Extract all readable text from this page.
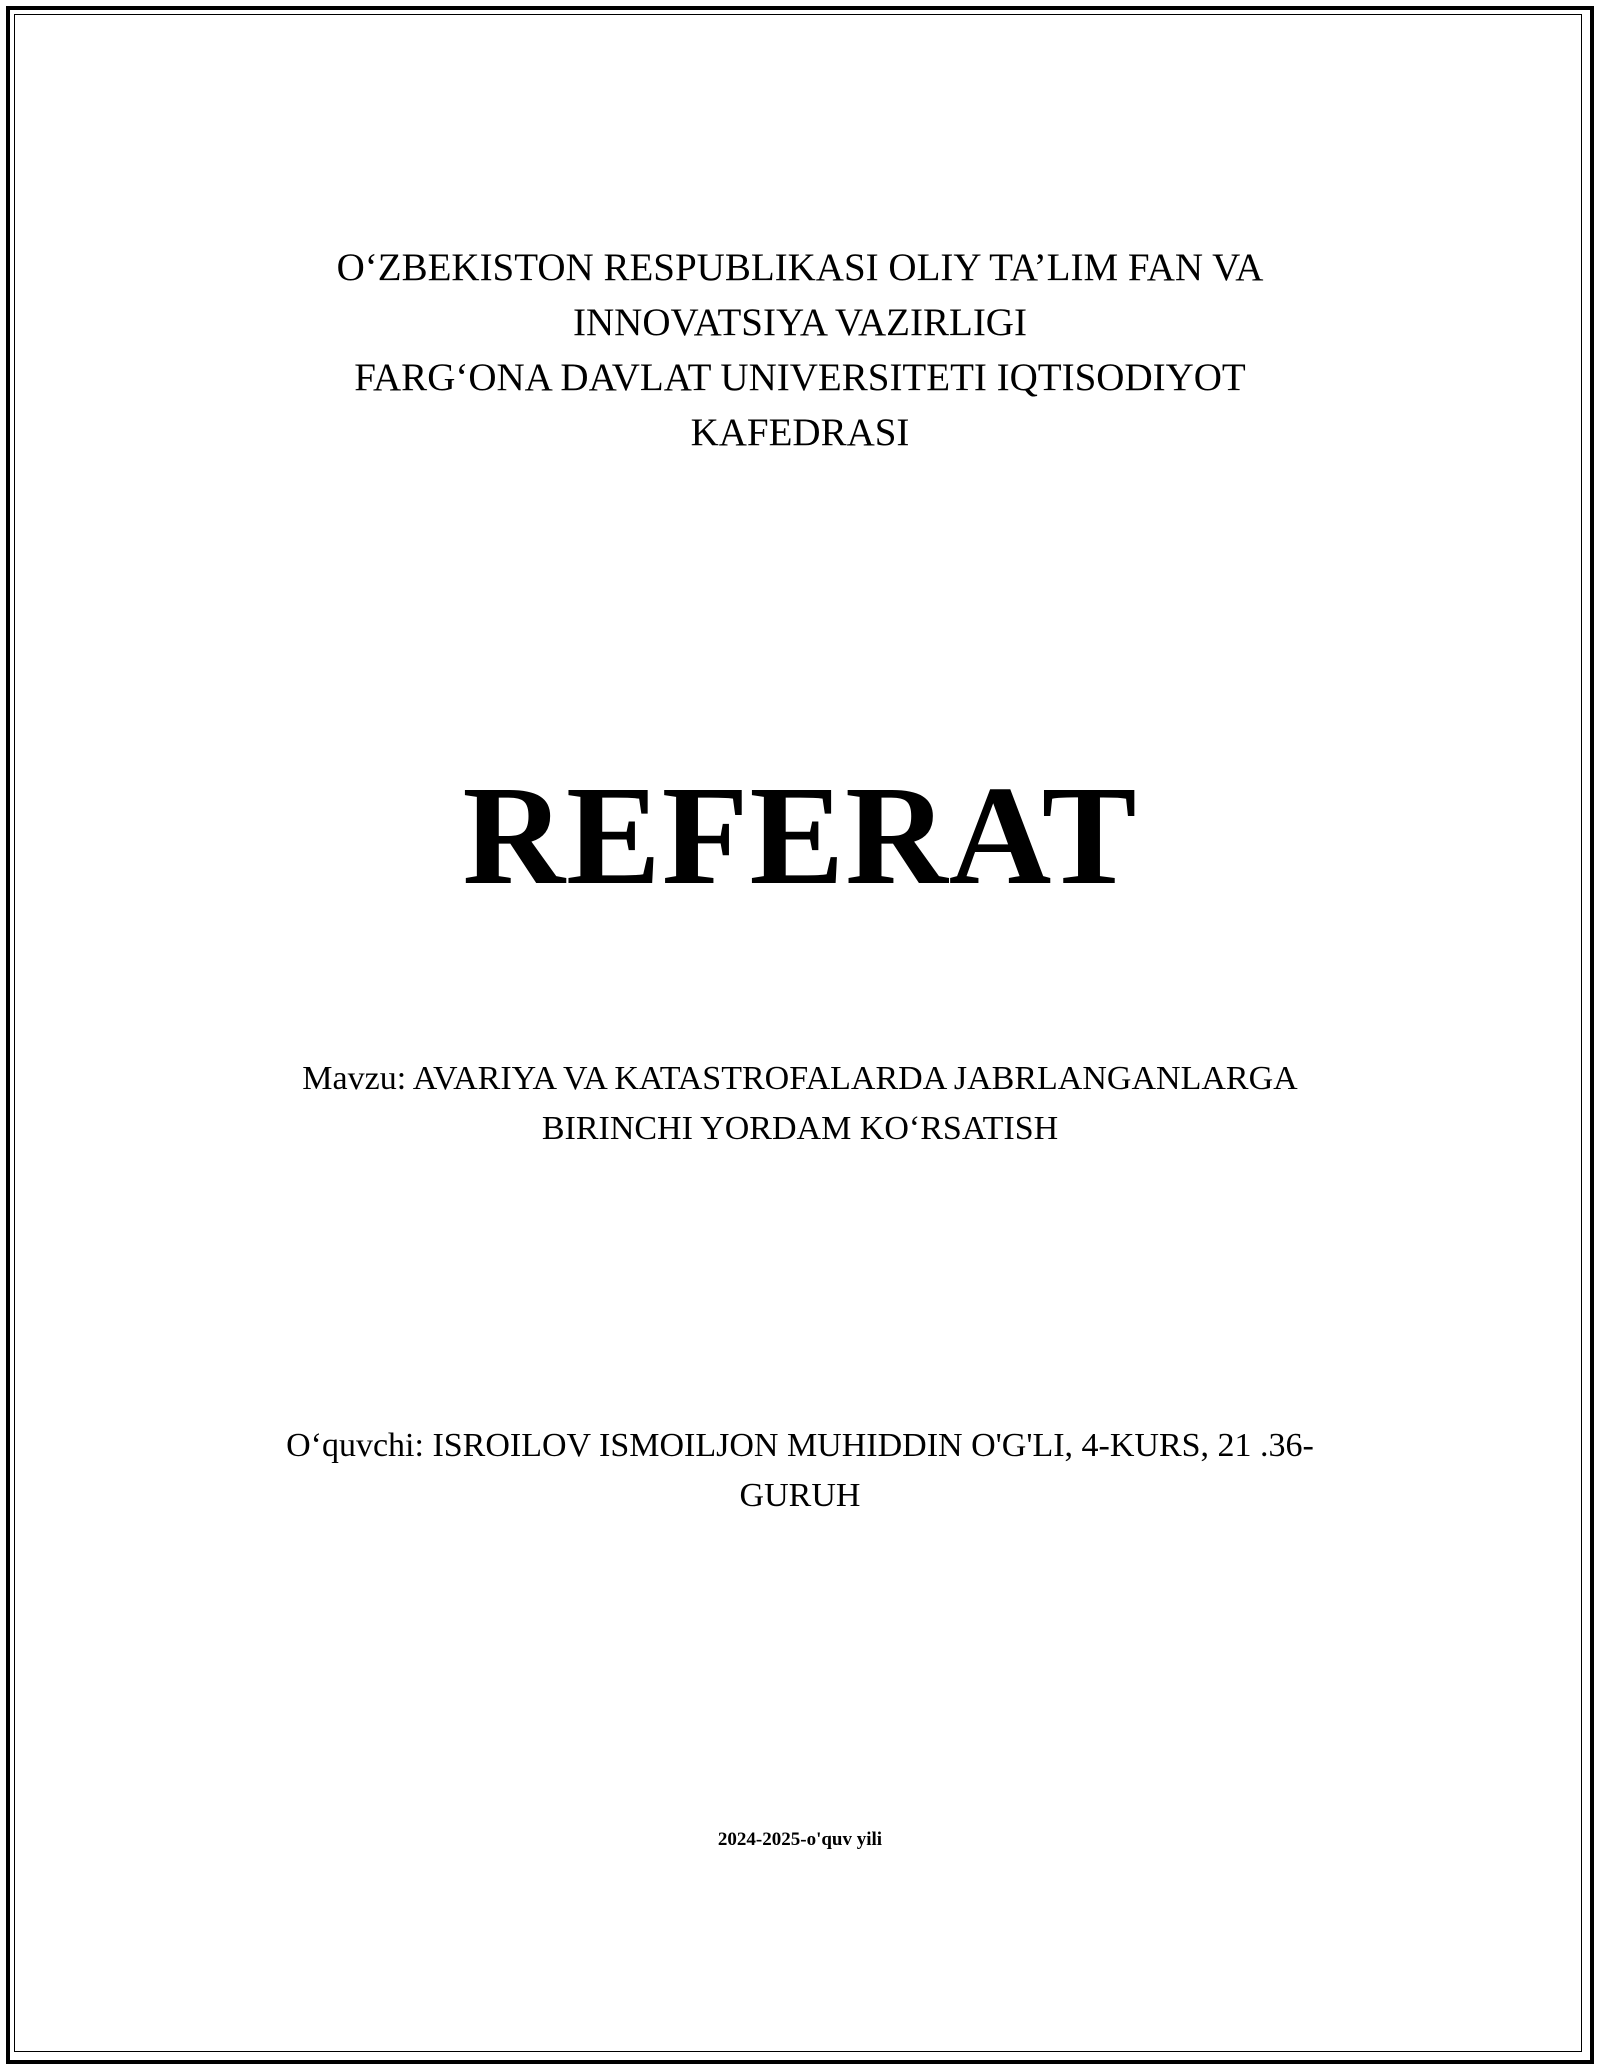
O‘ZBEKISTON RESPUBLIKASI OLIY TA’LIM FAN VA
INNOVATSIYA VAZIRLIGI
FARG‘ONA DAVLAT UNIVERSITETI IQTISODIYOT
KAFEDRASI
REFERAT
Mavzu: AVARIYA VA KATASTROFALARDA JABRLANGANLARGA
BIRINCHI YORDAM KO‘RSATISH
O‘quvchi: ISROILOV ISMOILJON MUHIDDIN O'G'LI, 4-KURS, 21 .36-
GURUH
2024-2025-o'quv yili
